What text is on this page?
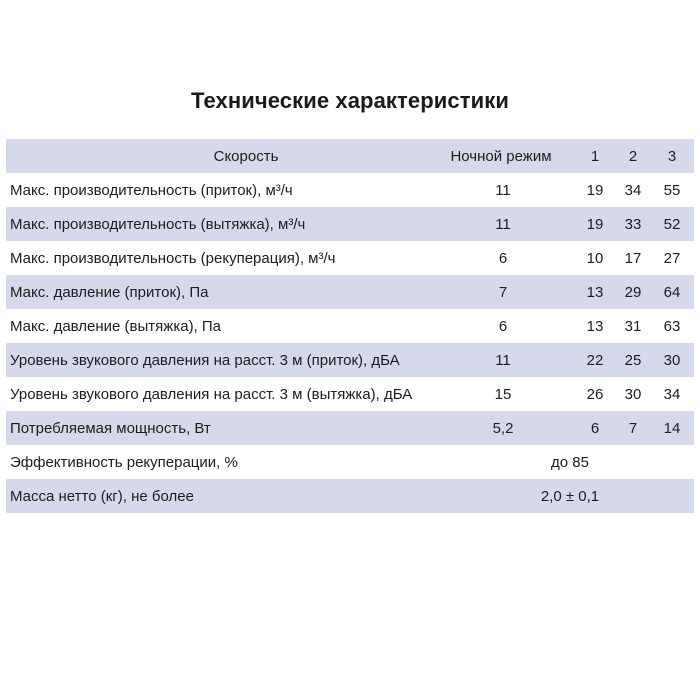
Технические характеристики
Скорость	Ночной режим	1	2	3
Макс. производительность (приток), м³/ч	11	19	34	55
Макс. производительность (вытяжка), м³/ч	11	19	33	52
Макс. производительность (рекуперация), м³/ч	6	10	17	27
Макс. давление (приток), Па	7	13	29	64
Макс. давление (вытяжка), Па	6	13	31	63
Уровень звукового давления на расст. 3 м (приток), дБА	11	22	25	30
Уровень звукового давления на расст. 3 м (вытяжка), дБА	15	26	30	34
Потребляемая мощность, Вт	5,2	6	7	14
Эффективность рекуперации, %	до 85			
Масса нетто (кг), не более	2,0 ± 0,1			
